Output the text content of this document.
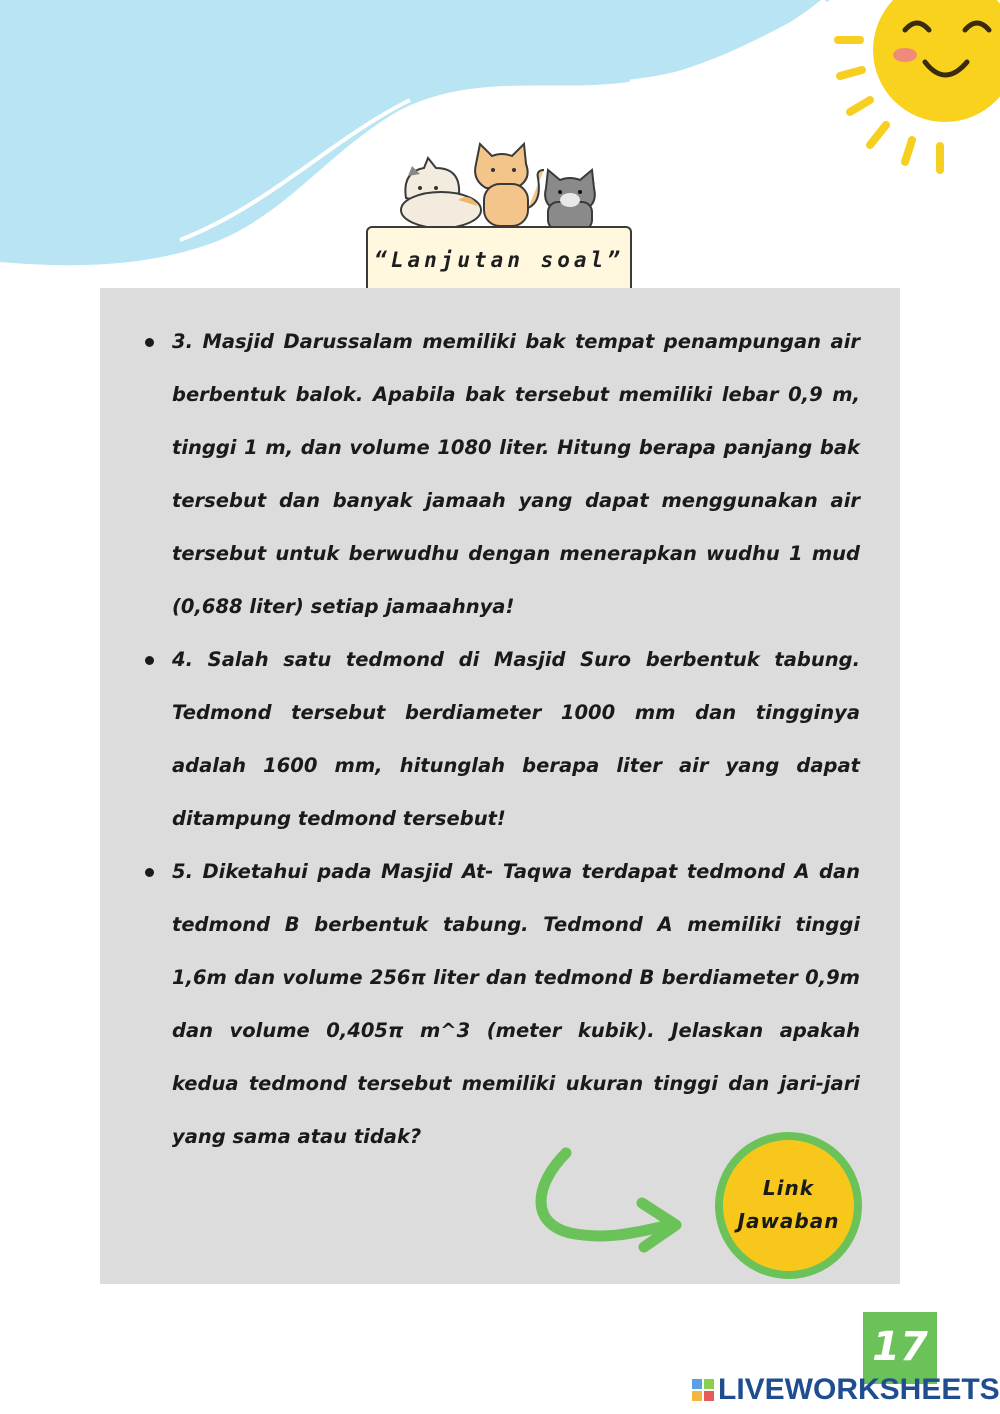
“Lanjutan soal”
3. Masjid Darussalam memiliki bak tempat penampungan air berbentuk balok. Apabila bak tersebut memiliki lebar 0,9 m, tinggi 1 m, dan volume 1080 liter. Hitung berapa panjang bak tersebut dan banyak jamaah yang dapat menggunakan air tersebut untuk berwudhu dengan menerapkan wudhu 1 mud (0,688 liter) setiap jamaahnya!
4. Salah satu tedmond di Masjid Suro berbentuk tabung. Tedmond tersebut berdiameter 1000 mm dan tingginya adalah 1600 mm, hitunglah berapa liter air yang dapat ditampung tedmond tersebut!
5. Diketahui pada Masjid At- Taqwa terdapat tedmond A dan tedmond B berbentuk tabung. Tedmond A memiliki tinggi 1,6m dan volume 256π liter dan tedmond B berdiameter 0,9m dan volume 0,405π m^3 (meter kubik). Jelaskan apakah kedua tedmond tersebut memiliki ukuran tinggi dan jari-jari yang sama atau tidak?
Link
Jawaban
17
LIVEWORKSHEETS
